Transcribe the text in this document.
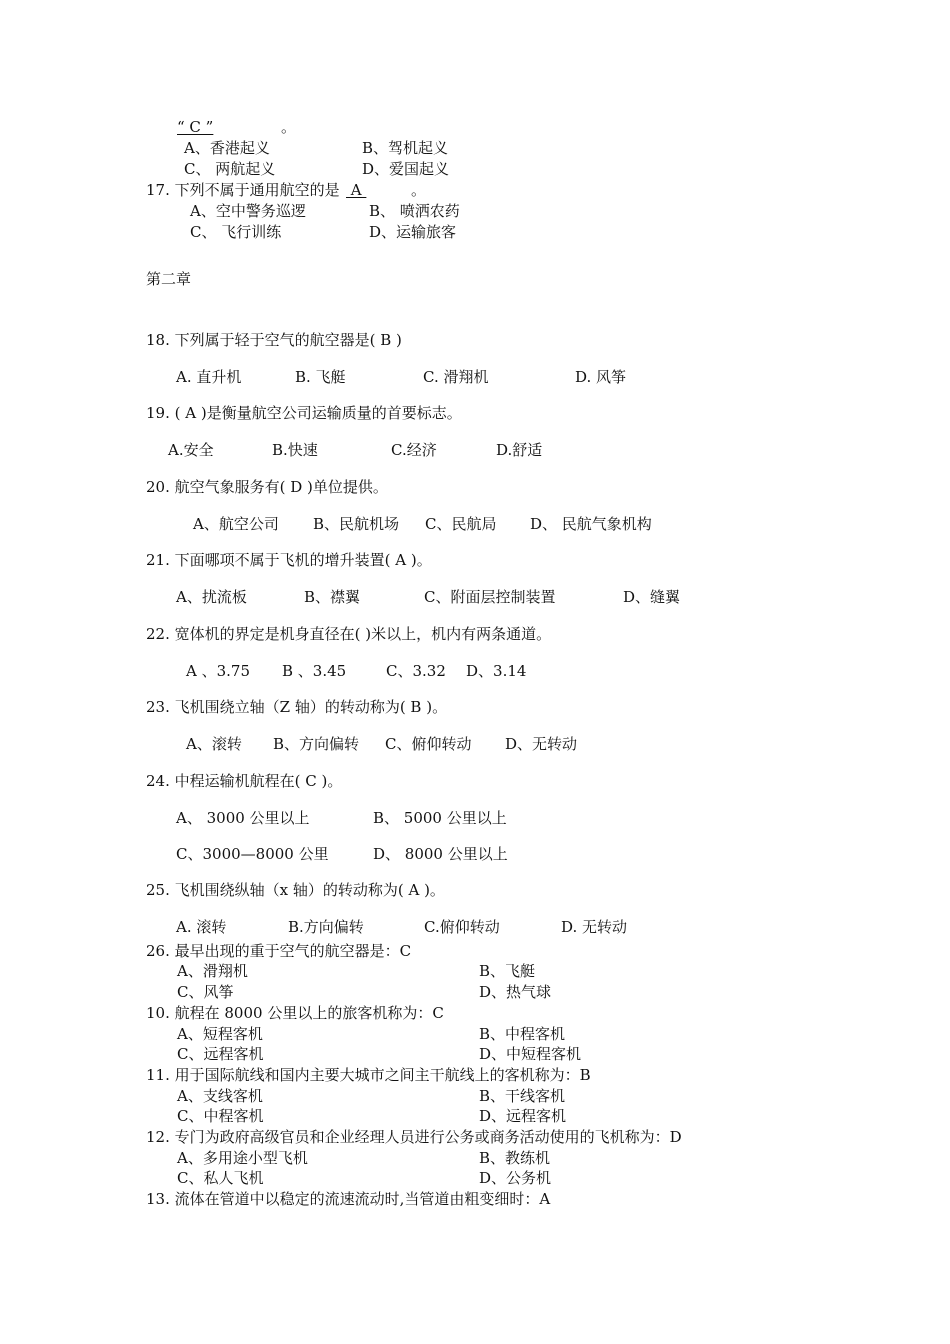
“ C ”	。
A、香港起义	B、驾机起义
C、 两航起义	D、爱国起义
17. 下列不属于通用航空的是 A	。
A、空中警务巡逻	B、 喷洒农药
C、 飞行训练	D、运输旅客
第二章
18. 下列属于轻于空气的航空器是( B )
A. 直升机	B. 飞艇	C. 滑翔机	D. 风筝
19. ( A )是衡量航空公司运输质量的首要标志。
A.安全	B.快速	C.经济	D.舒适
20. 航空气象服务有( D )单位提供。
A、航空公司 B、民航机场 C、民航局 D、 民航气象机构
21. 下面哪项不属于飞机的增升装置( A )。
A、扰流板	B、襟翼	C、附面层控制装置	D、缝翼
22. 宽体机的界定是机身直径在( )米以上，机内有两条通道。
A 、3.75 B 、3.45	C、3.32 D、3.14
23. 飞机围绕立轴（Z 轴）的转动称为( B )。
A、滚转 B、方向偏转 C、俯仰转动 D、无转动
24. 中程运输机航程在( C )。
A、 3000 公里以上	B、 5000 公里以上
C、3000—8000 公里	D、 8000 公里以上
25. 飞机围绕纵轴（x 轴）的转动称为( A )。
A. 滚转	B.方向偏转	C.俯仰转动	D. 无转动
26. 最早出现的重于空气的航空器是：C
A、滑翔机	B、飞艇
C、风筝	D、热气球
10. 航程在 8000 公里以上的旅客机称为：C
A、短程客机	B、中程客机
C、远程客机	D、中短程客机
11. 用于国际航线和国内主要大城市之间主干航线上的客机称为：B
A、支线客机	B、干线客机
C、中程客机	D、远程客机
12. 专门为政府高级官员和企业经理人员进行公务或商务活动使用的飞机称为：D
A、多用途小型飞机	B、教练机
C、私人飞机	D、公务机
13. 流体在管道中以稳定的流速流动时,当管道由粗变细时：A
